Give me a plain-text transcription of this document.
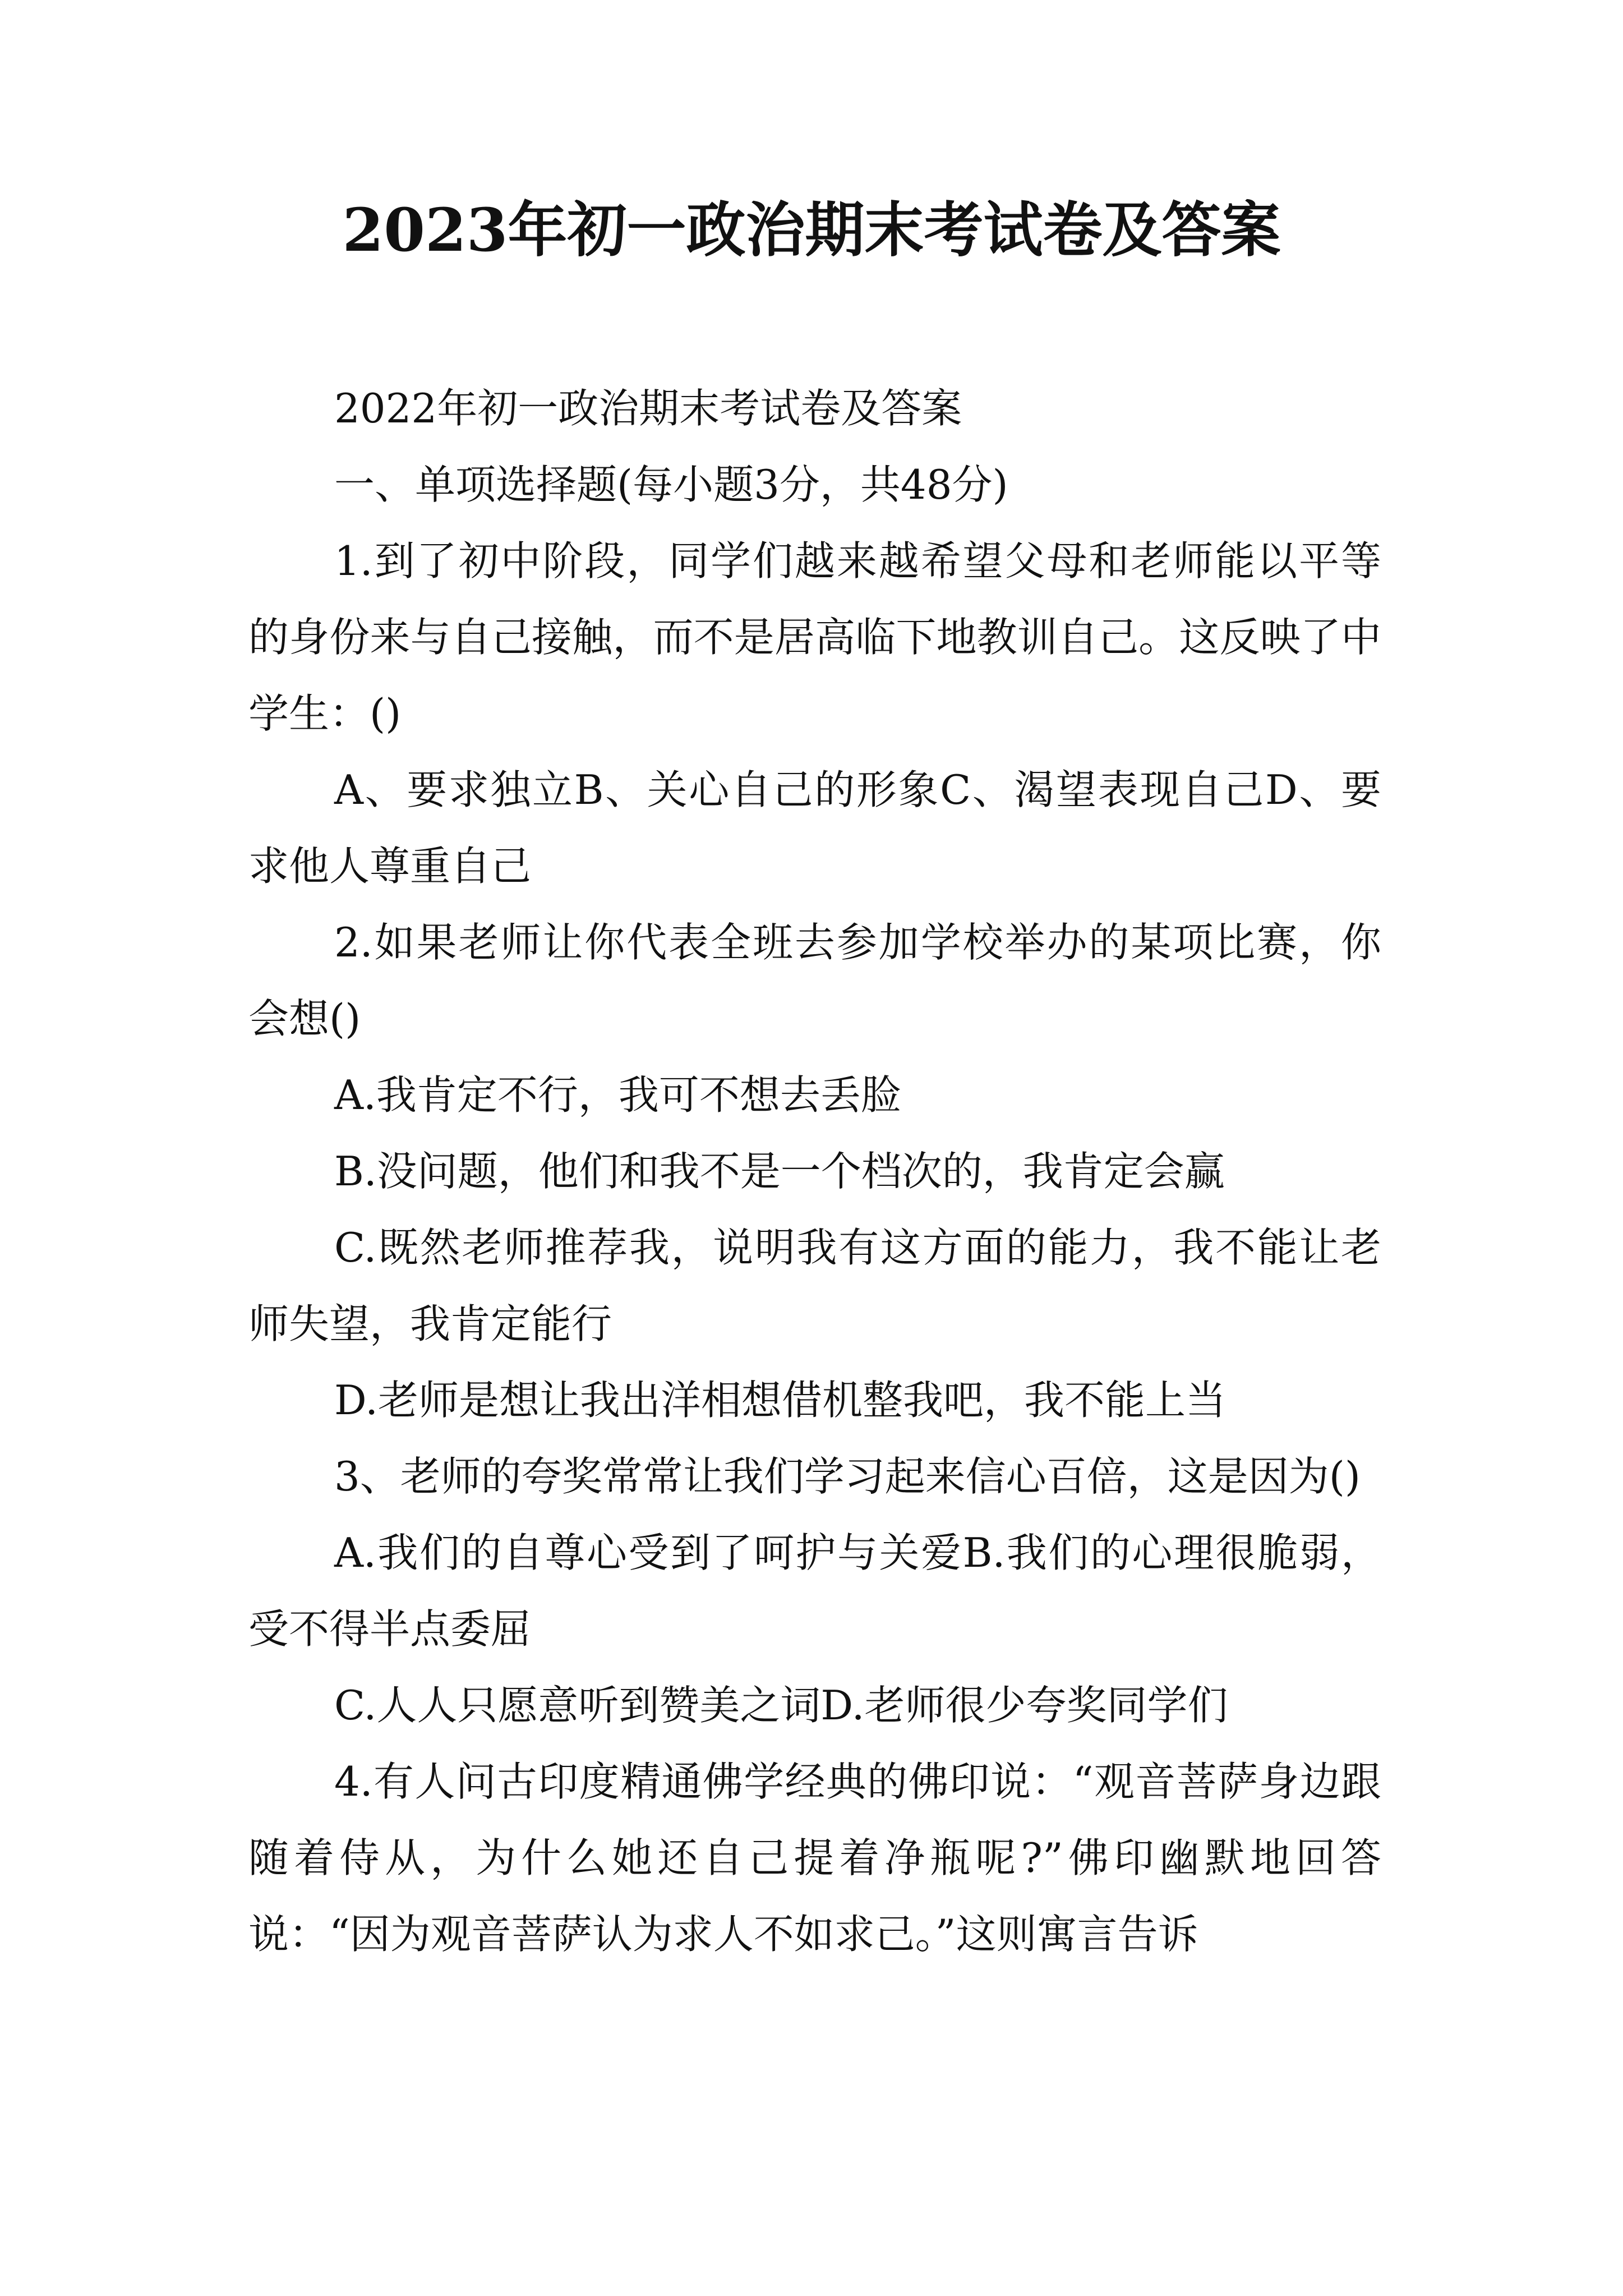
2023年初一政治期末考试卷及答案

2022年初一政治期末考试卷及答案

一、单项选择题(每小题3分，共48分)

1.到了初中阶段，同学们越来越希望父母和老师能以平等的身份来与自己接触，而不是居高临下地教训自己。这反映了中学生：()

A、要求独立B、关心自己的形象C、渴望表现自己D、要求他人尊重自己

2.如果老师让你代表全班去参加学校举办的某项比赛，你会想()

A.我肯定不行，我可不想去丢脸

B.没问题，他们和我不是一个档次的，我肯定会赢

C.既然老师推荐我，说明我有这方面的能力，我不能让老师失望，我肯定能行

D.老师是想让我出洋相想借机整我吧，我不能上当

3、老师的夸奖常常让我们学习起来信心百倍，这是因为()

A.我们的自尊心受到了呵护与关爱B.我们的心理很脆弱，受不得半点委屈

C.人人只愿意听到赞美之词D.老师很少夸奖同学们

4.有人问古印度精通佛学经典的佛印说：“观音菩萨身边跟随着侍从，为什么她还自己提着净瓶呢?”佛印幽默地回答说：“因为观音菩萨认为求人不如求己。”这则寓言告诉
